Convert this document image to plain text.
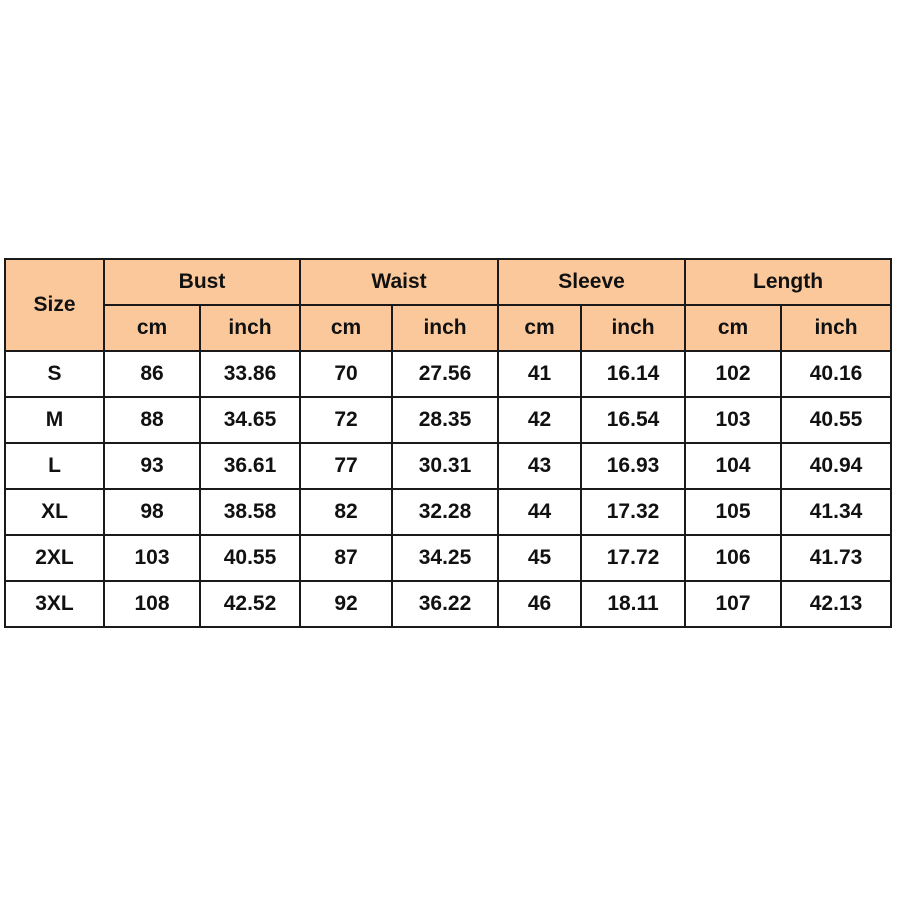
Size	Bust		Waist		Sleeve		Length	
	cm	inch	cm	inch	cm	inch	cm	inch
S	86	33.86	70	27.56	41	16.14	102	40.16
M	88	34.65	72	28.35	42	16.54	103	40.55
L	93	36.61	77	30.31	43	16.93	104	40.94
XL	98	38.58	82	32.28	44	17.32	105	41.34
2XL	103	40.55	87	34.25	45	17.72	106	41.73
3XL	108	42.52	92	36.22	46	18.11	107	42.13
